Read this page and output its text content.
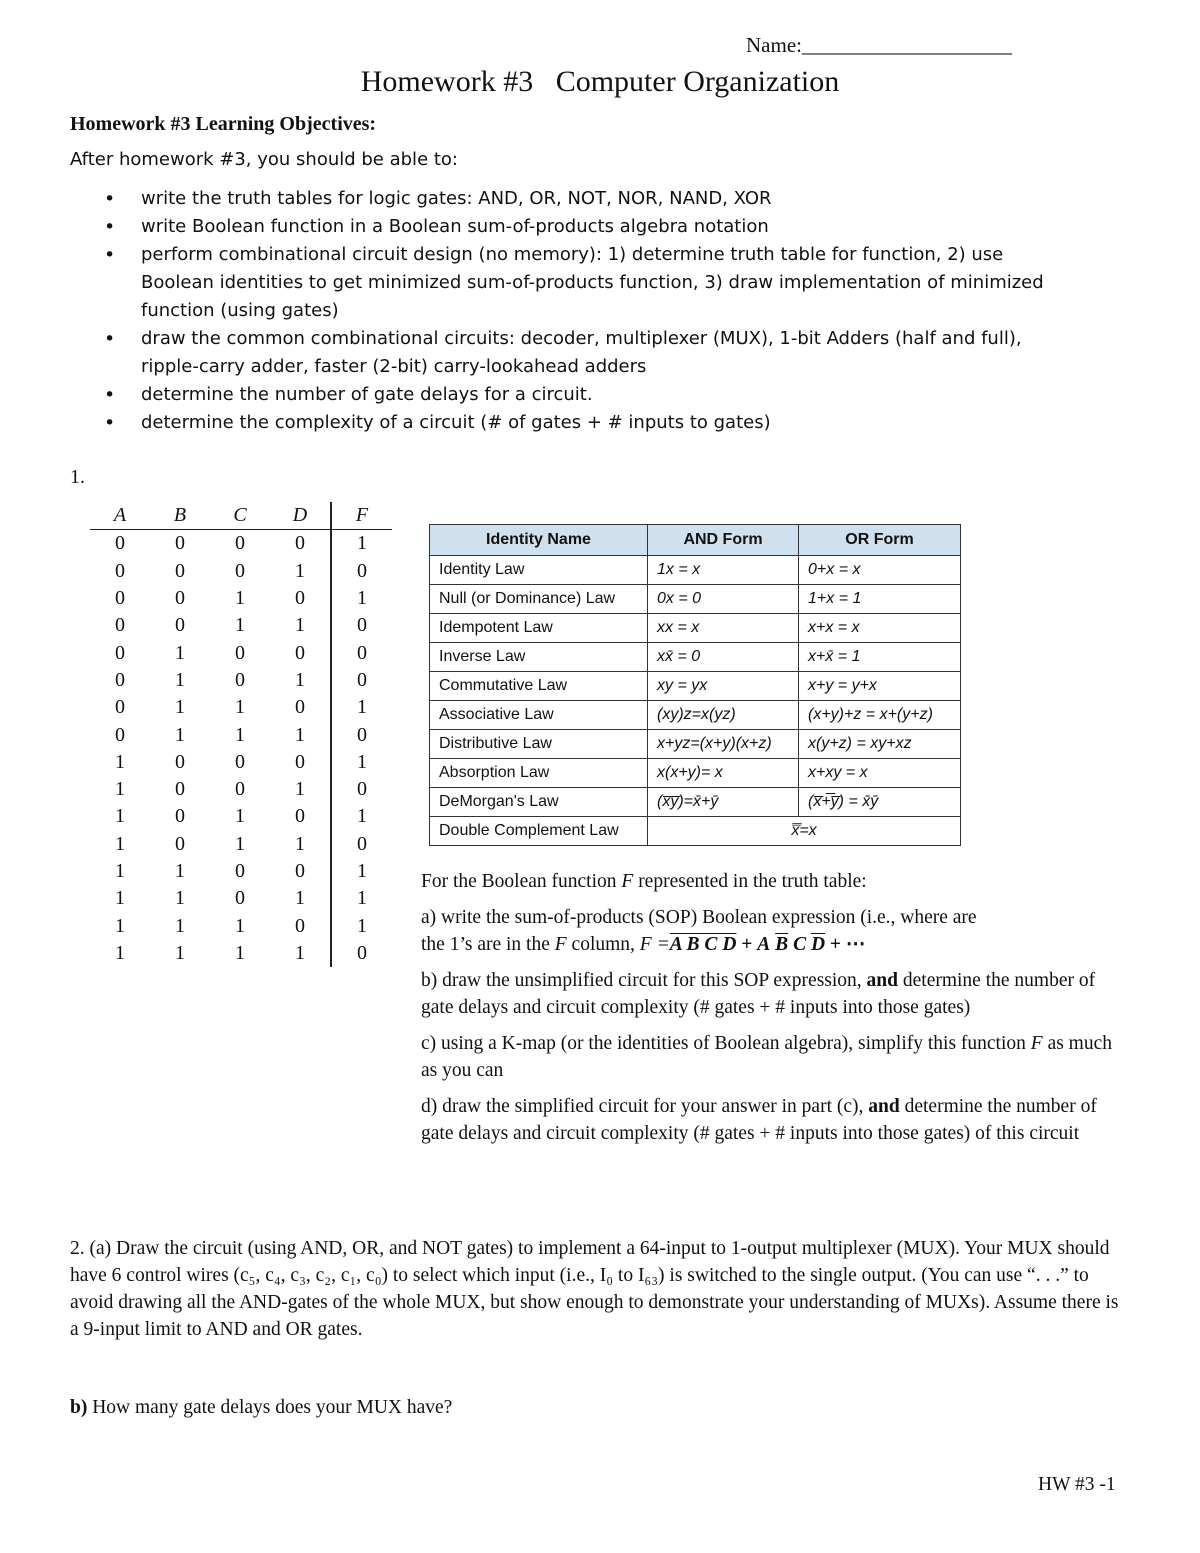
Name:____________________
Homework #3   Computer Organization
Homework #3 Learning Objectives:
After homework #3, you should be able to:
• write the truth tables for logic gates: AND, OR, NOT, NOR, NAND, XOR
• write Boolean function in a Boolean sum-of-products algebra notation
• perform combinational circuit design (no memory): 1) determine truth table for function, 2) use
Boolean identities to get minimized sum-of-products function, 3) draw implementation of minimized
function (using gates)
• draw the common combinational circuits: decoder, multiplexer (MUX), 1-bit Adders (half and full),
ripple-carry adder, faster (2-bit) carry-lookahead adders
• determine the number of gate delays for a circuit.
• determine the complexity of a circuit (# of gates + # inputs to gates)
1.
A	B	C	D	F
0	0	0	0	1
0	0	0	1	0
0	0	1	0	1
0	0	1	1	0
0	1	0	0	0
0	1	0	1	0
0	1	1	0	1
0	1	1	1	0
1	0	0	0	1
1	0	0	1	0
1	0	1	0	1
1	0	1	1	0
1	1	0	0	1
1	1	0	1	1
1	1	1	0	1
1	1	1	1	0
Identity Name	AND Form	OR Form
Identity Law	1x = x	0+x = x
Null (or Dominance) Law	0x = 0	1+x = 1
Idempotent Law	xx = x	x+x = x
Inverse Law	xx̄ = 0	x+x̄ = 1
Commutative Law	xy = yx	x+y = y+x
Associative Law	(xy)z=x(yz)	(x+y)+z = x+(y+z)
Distributive Law	x+yz=(x+y)(x+z)	x(y+z) = xy+xz
Absorption Law	x(x+y)= x	x+xy = x
DeMorgan's Law	(x̅y̅)=x̄+ȳ	(x̅+̅y̅) = x̄ȳ
Double Complement Law	x̿=x	

For the Boolean function F represented in the truth table:

a) write the sum-of-products (SOP) Boolean expression (i.e., where are
the 1’s are in the F column, F =A B C D + A $\overline{B}$ C $\overline{D}$ + ⋯

b) draw the unsimplified circuit for this SOP expression, and determine the number of gate delays and circuit complexity (# gates + # inputs into those gates)

c) using a K-map (or the identities of Boolean algebra), simplify this function F as much as you can

d) draw the simplified circuit for your answer in part (c), and determine the number of gate delays and circuit complexity (# gates + # inputs into those gates) of this circuit

2. (a) Draw the circuit (using AND, OR, and NOT gates) to implement a 64-input to 1-output multiplexer (MUX). Your MUX should have 6 control wires (c₅, c₄, c₃, c₂, c₁, c₀) to select which input (i.e., I₀ to I₆₃) is switched to the single output. (You can use “. . .” to avoid drawing all the AND-gates of the whole MUX, but show enough to demonstrate your understanding of MUXs). Assume there is a 9-input limit to AND and OR gates.
b) How many gate delays does your MUX have?
HW #3 -1
